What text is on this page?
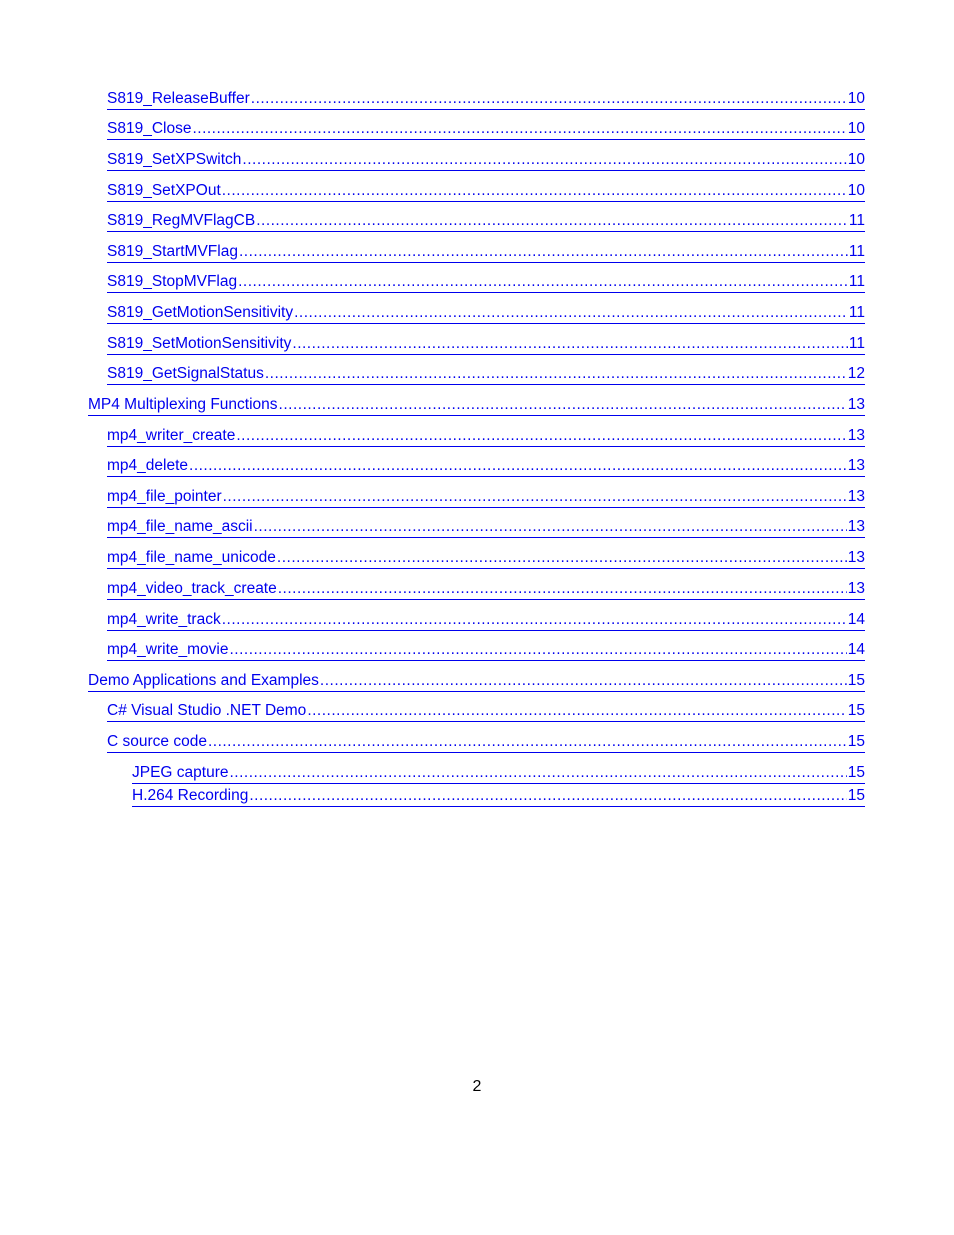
S819_ReleaseBuffer .....	10
S819_Close .....	10
S819_SetXPSwitch .....	10
S819_SetXPOut .....	10
S819_RegMVFlagCB .....	11
S819_StartMVFlag .....	11
S819_StopMVFlag .....	11
S819_GetMotionSensitivity .....	11
S819_SetMotionSensitivity .....	11
S819_GetSignalStatus .....	12
MP4 Multiplexing Functions .....	13
mp4_writer_create .....	13
mp4_delete .....	13
mp4_file_pointer .....	13
mp4_file_name_ascii .....	13
mp4_file_name_unicode .....	13
mp4_video_track_create .....	13
mp4_write_track .....	14
mp4_write_movie .....	14
Demo Applications and Examples .....	15
C# Visual Studio .NET Demo .....	15
C source code .....	15
JPEG capture .....	15
H.264 Recording .....	15
2
